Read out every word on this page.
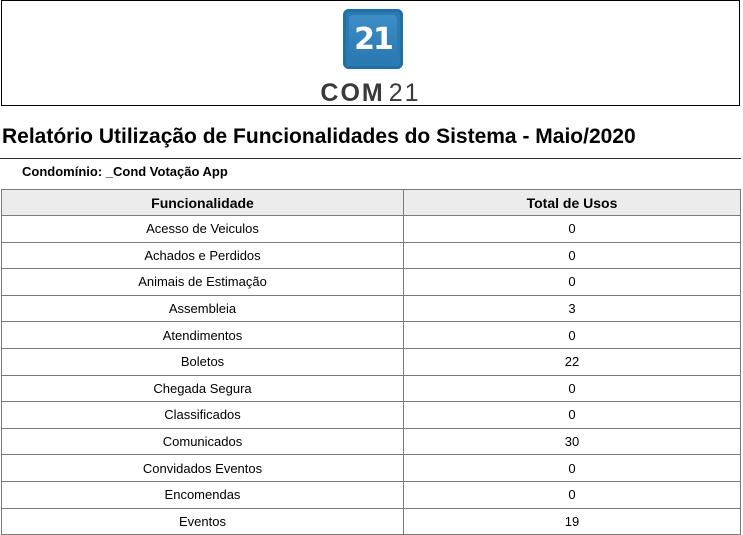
21
COM 21
Relatório Utilização de Funcionalidades do Sistema - Maio/2020
Condomínio: _Cond Votação App
Funcionalidade	Total de Usos
Acesso de Veiculos	0
Achados e Perdidos	0
Animais de Estimação	0
Assembleia	3
Atendimentos	0
Boletos	22
Chegada Segura	0
Classificados	0
Comunicados	30
Convidados Eventos	0
Encomendas	0
Eventos	19
